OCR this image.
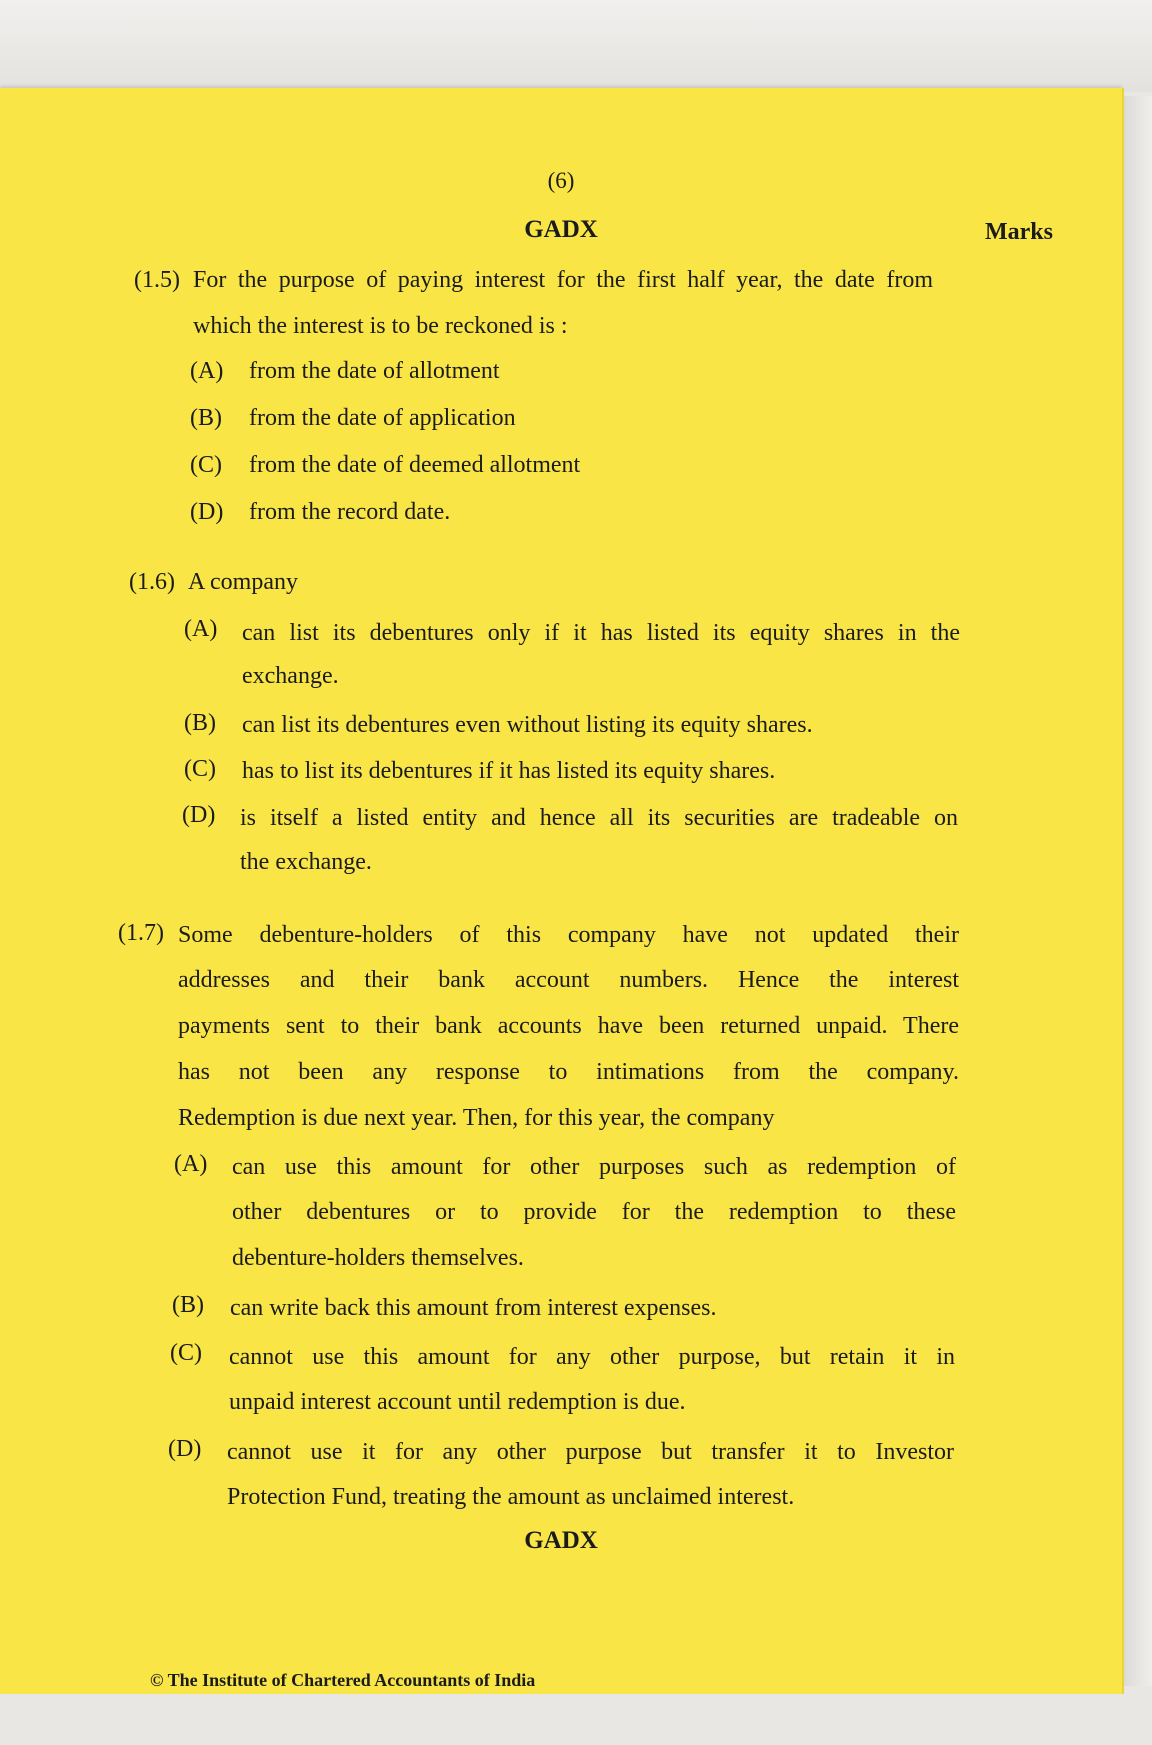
(6)
GADX	Marks
(1.5) For the purpose of paying interest for the first half year, the date from
which the interest is to be reckoned is :
(A) from the date of allotment
(B) from the date of application
(C) from the date of deemed allotment
(D) from the record date.
(1.6) A company
(A) can list its debentures only if it has listed its equity shares in the
exchange.
(B) can list its debentures even without listing its equity shares.
(C) has to list its debentures if it has listed its equity shares.
(D) is itself a listed entity and hence all its securities are tradeable on
the exchange.
(1.7) Some debenture-holders of this company have not updated their
addresses and their bank account numbers. Hence the interest
payments sent to their bank accounts have been returned unpaid. There
has not been any response to intimations from the company.
Redemption is due next year. Then, for this year, the company
(A) can use this amount for other purposes such as redemption of
other debentures or to provide for the redemption to these
debenture-holders themselves.
(B) can write back this amount from interest expenses.
(C) cannot use this amount for any other purpose, but retain it in
unpaid interest account until redemption is due.
(D) cannot use it for any other purpose but transfer it to Investor
Protection Fund, treating the amount as unclaimed interest.
GADX
© The Institute of Chartered Accountants of India
